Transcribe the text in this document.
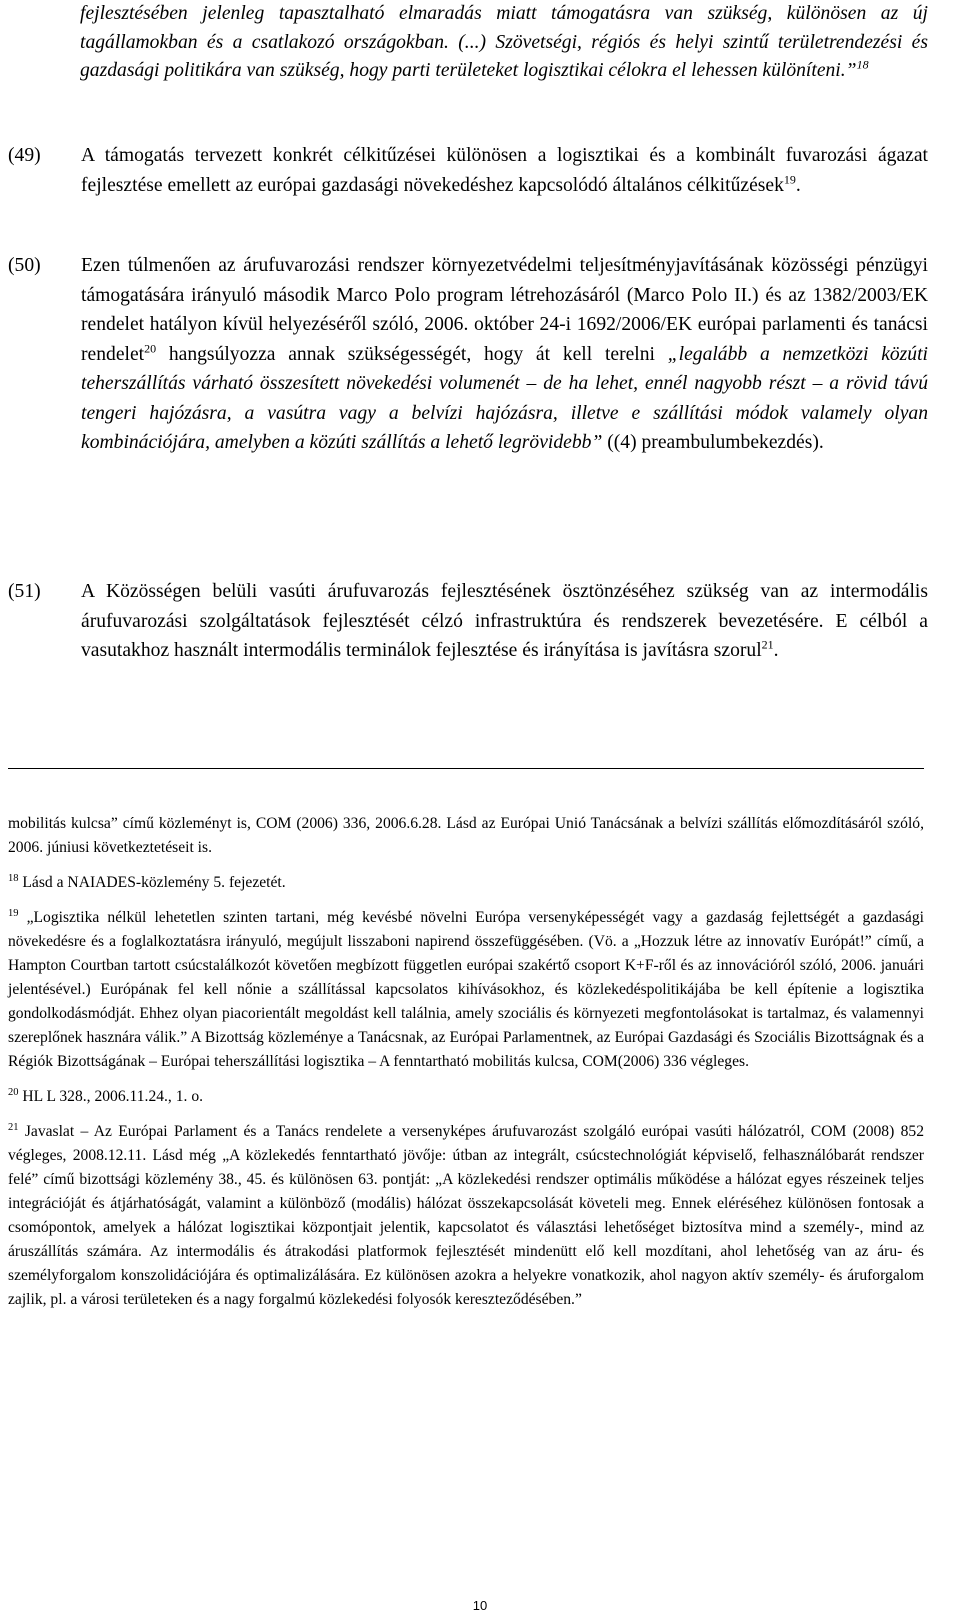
fejlesztésében jelenleg tapasztalható elmaradás miatt támogatásra van szükség, különösen az új tagállamokban és a csatlakozó országokban. (...) Szövetségi, régiós és helyi szintű területrendezési és gazdasági politikára van szükség, hogy parti területeket logisztikai célokra el lehessen különíteni.”$^{18}$

(49)	A támogatás tervezett konkrét célkitűzései különösen a logisztikai és a kombinált fuvarozási ágazat fejlesztése emellett az európai gazdasági növekedéshez kapcsolódó általános célkitűzések$^{19}$.
(50)	Ezen túlmenően az árufuvarozási rendszer környezetvédelmi teljesítményjavításának közösségi pénzügyi támogatására irányuló második Marco Polo program létrehozásáról (Marco Polo II.) és az 1382/2003/EK rendelet hatályon kívül helyezéséről szóló, 2006. október 24-i 1692/2006/EK európai parlamenti és tanácsi rendelet$^{20}$ hangsúlyozza annak szükségességét, hogy át kell terelni „legalább a nemzetközi közúti teherszállítás várható összesített növekedési volumenét – de ha lehet, ennél nagyobb részt – a rövid távú tengeri hajózásra, a vasútra vagy a belvízi hajózásra, illetve e szállítási módok valamely olyan kombinációjára, amelyben a közúti szállítás a lehető legrövidebb” ((4) preambulumbekezdés).
(51)	A Közösségen belüli vasúti árufuvarozás fejlesztésének ösztönzéséhez szükség van az intermodális árufuvarozási szolgáltatások fejlesztését célzó infrastruktúra és rendszerek bevezetésére. E célból a vasutakhoz használt intermodális terminálok fejlesztése és irányítása is javításra szorul$^{21}$.

mobilitás kulcsa” című közleményt is, COM (2006) 336, 2006.6.28. Lásd az Európai Unió Tanácsának a belvízi szállítás előmozdításáról szóló, 2006. júniusi következtetéseit is.

$^{18}$ Lásd a NAIADES-közlemény 5. fejezetét.

$^{19}$ „Logisztika nélkül lehetetlen szinten tartani, még kevésbé növelni Európa versenyképességét vagy a gazdaság fejlettségét a gazdasági növekedésre és a foglalkoztatásra irányuló, megújult lisszaboni napirend összefüggésében. (Vö. a „Hozzuk létre az innovatív Európát!” című, a Hampton Courtban tartott csúcstalálkozót követően megbízott független európai szakértő csoport K+F-ről és az innovációról szóló, 2006. januári jelentésével.) Európának fel kell nőnie a szállítással kapcsolatos kihívásokhoz, és közlekedéspolitikájába be kell építenie a logisztika gondolkodásmódját. Ehhez olyan piacorientált megoldást kell találnia, amely szociális és környezeti megfontolásokat is tartalmaz, és valamennyi szereplőnek hasznára válik.” A Bizottság közleménye a Tanácsnak, az Európai Parlamentnek, az Európai Gazdasági és Szociális Bizottságnak és a Régiók Bizottságának – Európai teherszállítási logisztika – A fenntartható mobilitás kulcsa, COM(2006) 336 végleges.

$^{20}$ HL L 328., 2006.11.24., 1. o.

$^{21}$ Javaslat – Az Európai Parlament és a Tanács rendelete a versenyképes árufuvarozást szolgáló európai vasúti hálózatról, COM (2008) 852 végleges, 2008.12.11. Lásd még „A közlekedés fenntartható jövője: útban az integrált, csúcstechnológiát képviselő, felhasználóbarát rendszer felé” című bizottsági közlemény 38., 45. és különösen 63. pontját: „A közlekedési rendszer optimális működése a hálózat egyes részeinek teljes integrációját és átjárhatóságát, valamint a különböző (modális) hálózat összekapcsolását követeli meg. Ennek eléréséhez különösen fontosak a csomópontok, amelyek a hálózat logisztikai központjait jelentik, kapcsolatot és választási lehetőséget biztosítva mind a személy-, mind az áruszállítás számára. Az intermodális és átrakodási platformok fejlesztését mindenütt elő kell mozdítani, ahol lehetőség van az áru- és személyforgalom konszolidációjára és optimalizálására. Ez különösen azokra a helyekre vonatkozik, ahol nagyon aktív személy- és áruforgalom zajlik, pl. a városi területeken és a nagy forgalmú közlekedési folyosók kereszteződésében.”

10
